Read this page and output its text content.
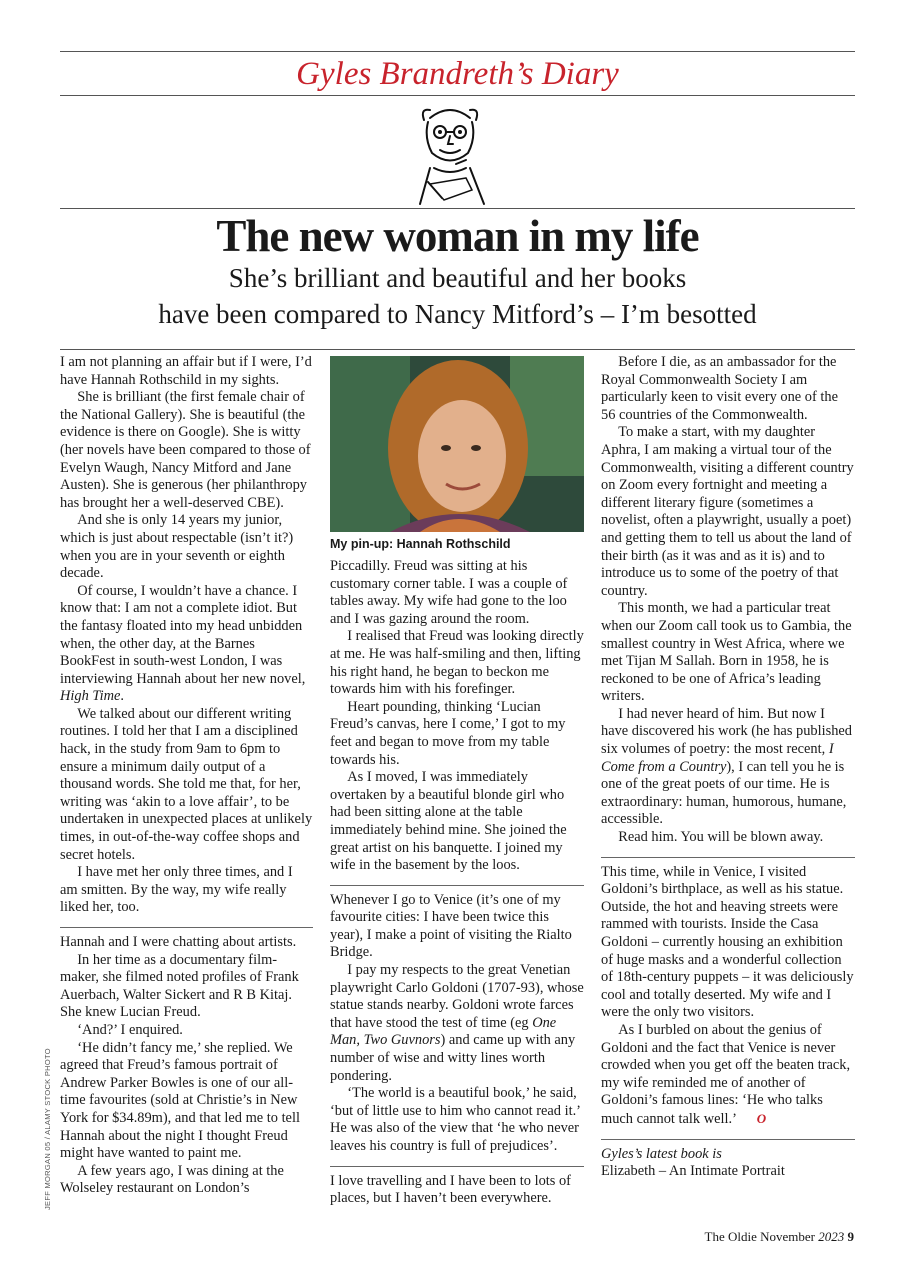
Gyles Brandreth’s Diary
The new woman in my life
She’s brilliant and beautiful and her books
have been compared to Nancy Mitford’s – I’m besotted

I am not planning an affair but if I were, I’d have Hannah Rothschild in my sights.

She is brilliant (the first female chair of the National Gallery). She is beautiful (the evidence is there on Google). She is witty (her novels have been compared to those of Evelyn Waugh, Nancy Mitford and Jane Austen). She is generous (her philanthropy has brought her a well-deserved CBE).

And she is only 14 years my junior, which is just about respectable (isn’t it?) when you are in your seventh or eighth decade.

Of course, I wouldn’t have a chance. I know that: I am not a complete idiot. But the fantasy floated into my head unbidden when, the other day, at the Barnes BookFest in south-west London, I was interviewing Hannah about her new novel, High Time.

We talked about our different writing routines. I told her that I am a disciplined hack, in the study from 9am to 6pm to ensure a minimum daily output of a thousand words. She told me that, for her, writing was ‘akin to a love affair’, to be undertaken in unexpected places at unlikely times, in out-of-the-way coffee shops and secret hotels.

I have met her only three times, and I am smitten. By the way, my wife really liked her, too.

Hannah and I were chatting about artists.

In her time as a documentary film-maker, she filmed noted profiles of Frank Auerbach, Walter Sickert and R B Kitaj. She knew Lucian Freud.

‘And?’ I enquired.

‘He didn’t fancy me,’ she replied. We agreed that Freud’s famous portrait of Andrew Parker Bowles is one of our all-time favourites (sold at Christie’s in New York for $34.89m), and that led me to tell Hannah about the night I thought Freud might have wanted to paint me.

A few years ago, I was dining at the Wolseley restaurant on London’s

My pin-up: Hannah Rothschild

Piccadilly. Freud was sitting at his customary corner table. I was a couple of tables away. My wife had gone to the loo and I was gazing around the room.

I realised that Freud was looking directly at me. He was half-smiling and then, lifting his right hand, he began to beckon me towards him with his forefinger.

Heart pounding, thinking ‘Lucian Freud’s canvas, here I come,’ I got to my feet and began to move from my table towards his.

As I moved, I was immediately overtaken by a beautiful blonde girl who had been sitting alone at the table immediately behind mine. She joined the great artist on his banquette. I joined my wife in the basement by the loos.

Whenever I go to Venice (it’s one of my favourite cities: I have been twice this year), I make a point of visiting the Rialto Bridge.

I pay my respects to the great Venetian playwright Carlo Goldoni (1707-93), whose statue stands nearby. Goldoni wrote farces that have stood the test of time (eg One Man, Two Guvnors) and came up with any number of wise and witty lines worth pondering.

‘The world is a beautiful book,’ he said, ‘but of little use to him who cannot read it.’ He was also of the view that ‘he who never leaves his country is full of prejudices’.

I love travelling and I have been to lots of places, but I haven’t been everywhere.

Before I die, as an ambassador for the Royal Commonwealth Society I am particularly keen to visit every one of the 56 countries of the Commonwealth.

To make a start, with my daughter Aphra, I am making a virtual tour of the Commonwealth, visiting a different country on Zoom every fortnight and meeting a different literary figure (sometimes a novelist, often a playwright, usually a poet) and getting them to tell us about the land of their birth (as it was and as it is) and to introduce us to some of the poetry of that country.

This month, we had a particular treat when our Zoom call took us to Gambia, the smallest country in West Africa, where we met Tijan M Sallah. Born in 1958, he is reckoned to be one of Africa’s leading writers.

I had never heard of him. But now I have discovered his work (he has published six volumes of poetry: the most recent, I Come from a Country), I can tell you he is one of the great poets of our time. He is extraordinary: human, humorous, humane, accessible.

Read him. You will be blown away.

This time, while in Venice, I visited Goldoni’s birthplace, as well as his statue. Outside, the hot and heaving streets were rammed with tourists. Inside the Casa Goldoni – currently housing an exhibition of huge masks and a wonderful collection of 18th-century puppets – it was deliciously cool and totally deserted. My wife and I were the only two visitors.

As I burbled on about the genius of Goldoni and the fact that Venice is never crowded when you get off the beaten track, my wife reminded me of another of Goldoni’s famous lines: ‘He who talks much cannot talk well.’ O

Gyles’s latest book is

Elizabeth – An Intimate Portrait

JEFF MORGAN 05 / ALAMY STOCK PHOTO
The Oldie November 2023 9
